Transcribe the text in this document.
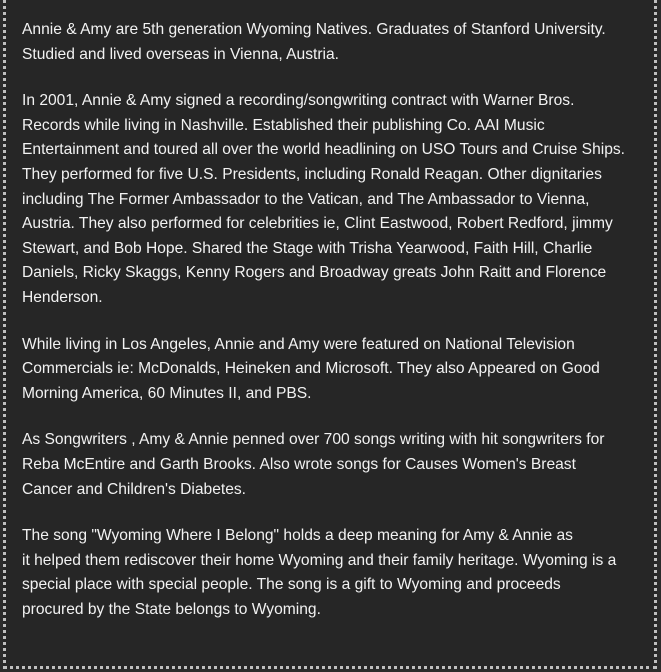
Annie & Amy are 5th generation Wyoming Natives. Graduates of Stanford University.
Studied and lived overseas in Vienna, Austria.

In 2001, Annie & Amy signed a recording/songwriting contract with Warner Bros.
Records while living in Nashville. Established their publishing Co. AAI Music
Entertainment and toured all over the world headlining on USO Tours and Cruise Ships.
They performed for five U.S. Presidents, including Ronald Reagan. Other dignitaries
including The Former Ambassador to the Vatican, and The Ambassador to Vienna,
Austria. They also performed for celebrities ie, Clint Eastwood, Robert Redford, jimmy
Stewart, and Bob Hope. Shared the Stage with Trisha Yearwood, Faith Hill, Charlie
Daniels, Ricky Skaggs, Kenny Rogers and Broadway greats John Raitt and Florence
Henderson.

While living in Los Angeles, Annie and Amy were featured on National Television
Commercials ie: McDonalds, Heineken and Microsoft. They also Appeared on Good
Morning America, 60 Minutes II, and PBS.

As Songwriters , Amy & Annie penned over 700 songs writing with hit songwriters for
Reba McEntire and Garth Brooks. Also wrote songs for Causes Women's Breast
Cancer and Children's Diabetes.

The song "Wyoming Where I Belong" holds a deep meaning for Amy & Annie as
it helped them rediscover their home Wyoming and their family heritage. Wyoming is a
special place with special people. The song is a gift to Wyoming and proceeds
procured by the State belongs to Wyoming.
